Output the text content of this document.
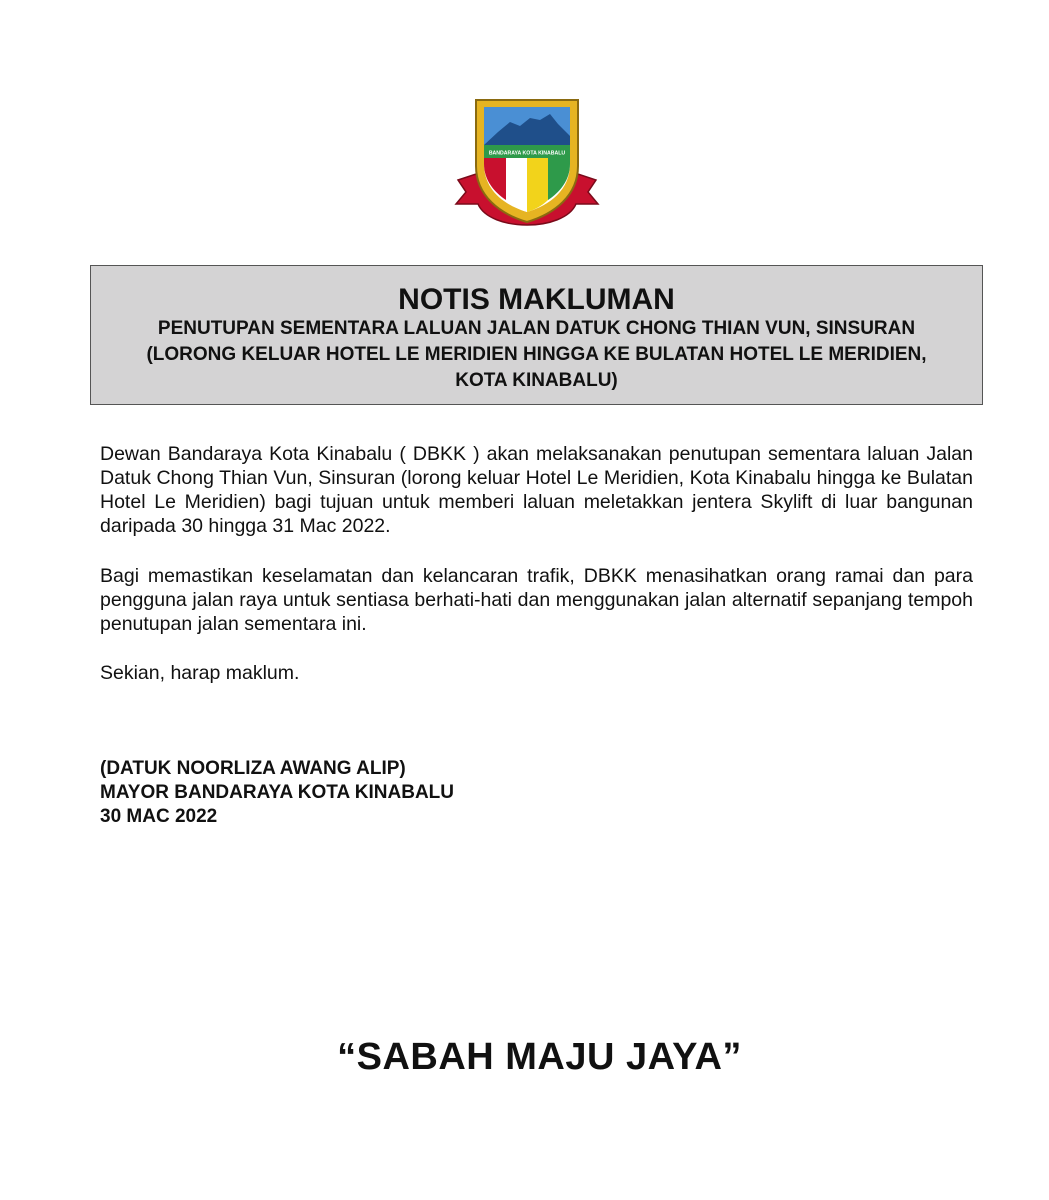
BANDARAYA KOTA KINABALU
NOTIS MAKLUMAN
PENUTUPAN SEMENTARA LALUAN JALAN DATUK CHONG THIAN VUN, SINSURAN
(LORONG KELUAR HOTEL LE MERIDIEN HINGGA KE BULATAN HOTEL LE MERIDIEN,
KOTA KINABALU)

Dewan Bandaraya Kota Kinabalu ( DBKK ) akan melaksanakan penutupan sementara laluan Jalan Datuk Chong Thian Vun, Sinsuran (lorong keluar Hotel Le Meridien, Kota Kinabalu hingga ke Bulatan Hotel Le Meridien) bagi tujuan untuk memberi laluan meletakkan jentera Skylift di luar bangunan daripada 30 hingga 31 Mac 2022.

Bagi memastikan keselamatan dan kelancaran trafik, DBKK menasihatkan orang ramai dan para pengguna jalan raya untuk sentiasa berhati-hati dan menggunakan jalan alternatif sepanjang tempoh penutupan jalan sementara ini.

Sekian, harap maklum.

(DATUK NOORLIZA AWANG ALIP)
MAYOR BANDARAYA KOTA KINABALU
30 MAC 2022
“SABAH MAJU JAYA”
